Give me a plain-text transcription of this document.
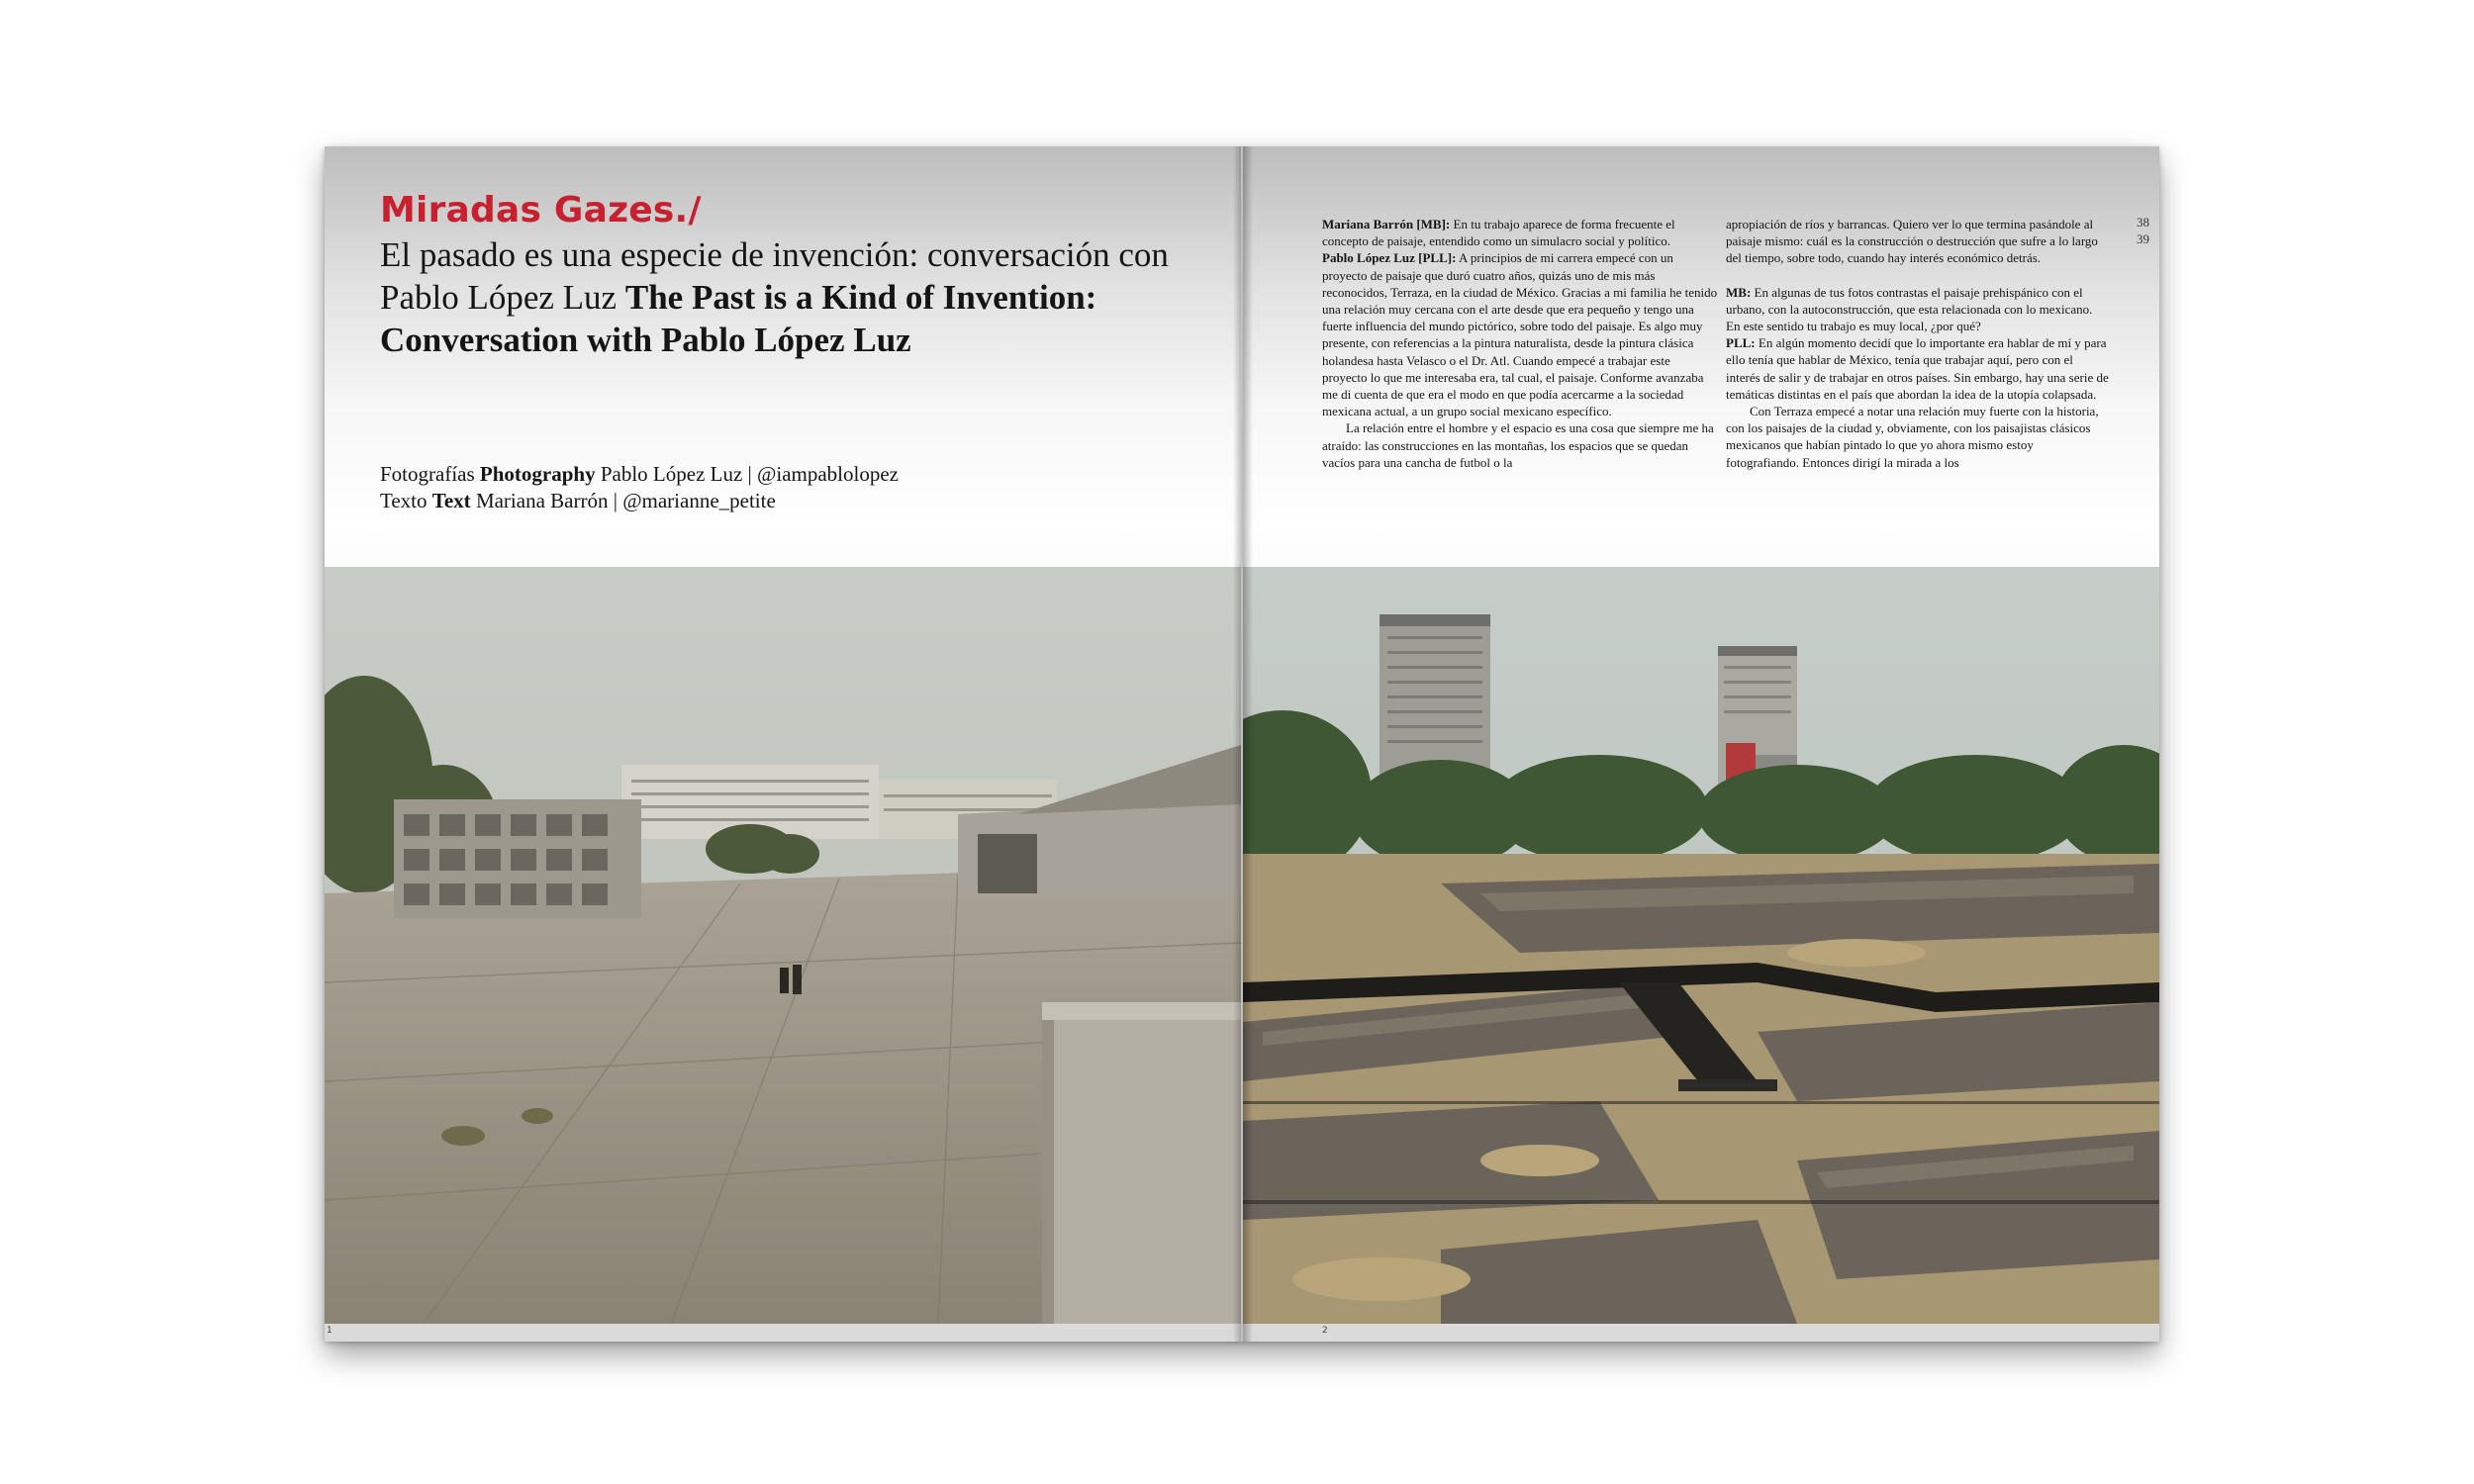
Miradas Gazes./
El pasado es una especie de invención: conversación con Pablo López Luz The Past is a Kind of Invention: Conversation with Pablo López Luz
Fotografías Photography Pablo López Luz | @iampablolopez
Texto Text Mariana Barrón | @marianne_petite
1

Mariana Barrón [MB]: En tu trabajo aparece de forma frecuente el concepto de paisaje, entendido como un simulacro social y político.

Pablo López Luz [PLL]: A principios de mi carrera empecé con un proyecto de paisaje que duró cuatro años, quizás uno de mis más reconocidos, Terraza, en la ciudad de México. Gracias a mi familia he tenido una relación muy cercana con el arte desde que era pequeño y tengo una fuerte influencia del mundo pictórico, sobre todo del paisaje. Es algo muy presente, con referencias a la pintura naturalista, desde la pintura clásica holandesa hasta Velasco o el Dr. Atl. Cuando empecé a trabajar este proyecto lo que me interesaba era, tal cual, el paisaje. Conforme avanzaba me di cuenta de que era el modo en que podía acercarme a la sociedad mexicana actual, a un grupo social mexicano específico.

La relación entre el hombre y el espacio es una cosa que siempre me ha atraído: las construcciones en las montañas, los espacios que se quedan vacíos para una cancha de futbol o la

apropiación de ríos y barrancas. Quiero ver lo que termina pasándole al paisaje mismo: cuál es la construcción o destrucción que sufre a lo largo del tiempo, sobre todo, cuando hay interés económico detrás.

MB: En algunas de tus fotos contrastas el paisaje prehispánico con el urbano, con la autoconstrucción, que esta relacionada con lo mexicano. En este sentido tu trabajo es muy local, ¿por qué?

PLL: En algún momento decidí que lo importante era hablar de mí y para ello tenía que hablar de México, tenía que trabajar aquí, pero con el interés de salir y de trabajar en otros países. Sin embargo, hay una serie de temáticas distintas en el país que abordan la idea de la utopía colapsada.

Con Terraza empecé a notar una relación muy fuerte con la historia, con los paisajes de la ciudad y, obviamente, con los paisajistas clásicos mexicanos que habían pintado lo que yo ahora mismo estoy fotografiando. Entonces dirigí la mirada a los

38
39
2
